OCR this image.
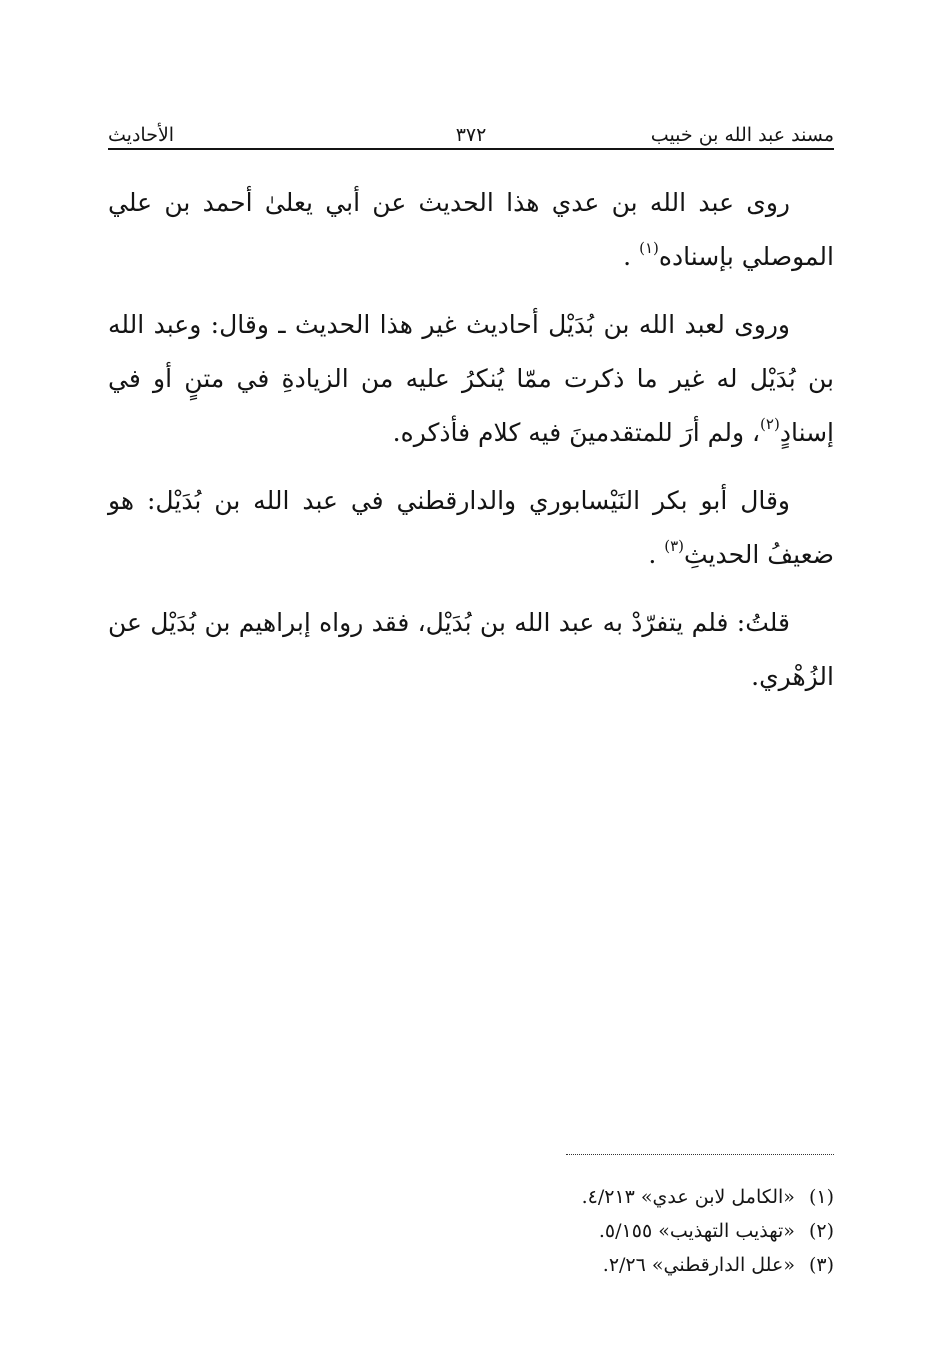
مسند عبد الله بن خبيب
٣٧٢
الأحاديث

روى عبد الله بن عدي هذا الحديث عن أبي يعلىٰ أحمد بن علي الموصلي بإسناده$^{(١)}$ .

وروى لعبد الله بن بُدَيْل أحاديث غير هذا الحديث ـ وقال: وعبد الله بن بُدَيْل له غير ما ذكرت ممّا يُنكرُ عليه من الزيادةِ في متنٍ أو في إسنادٍ$^{(٢)}$، ولم أرَ للمتقدمينَ فيه كلام فأذكره.

وقال أبو بكر النَيْسابوري والدارقطني في عبد الله بن بُدَيْل: هو ضعيفُ الحديثِ$^{(٣)}$ .

قلتُ: فلم يتفرّدْ به عبد الله بن بُدَيْل، فقد رواه إبراهيم بن بُدَيْل عن الزُهْري.

(١)«الكامل لابن عدي» ٤/٢١٣.
(٢)«تهذيب التهذيب» ٥/١٥٥.
(٣)«علل الدارقطني» ٢/٢٦.
